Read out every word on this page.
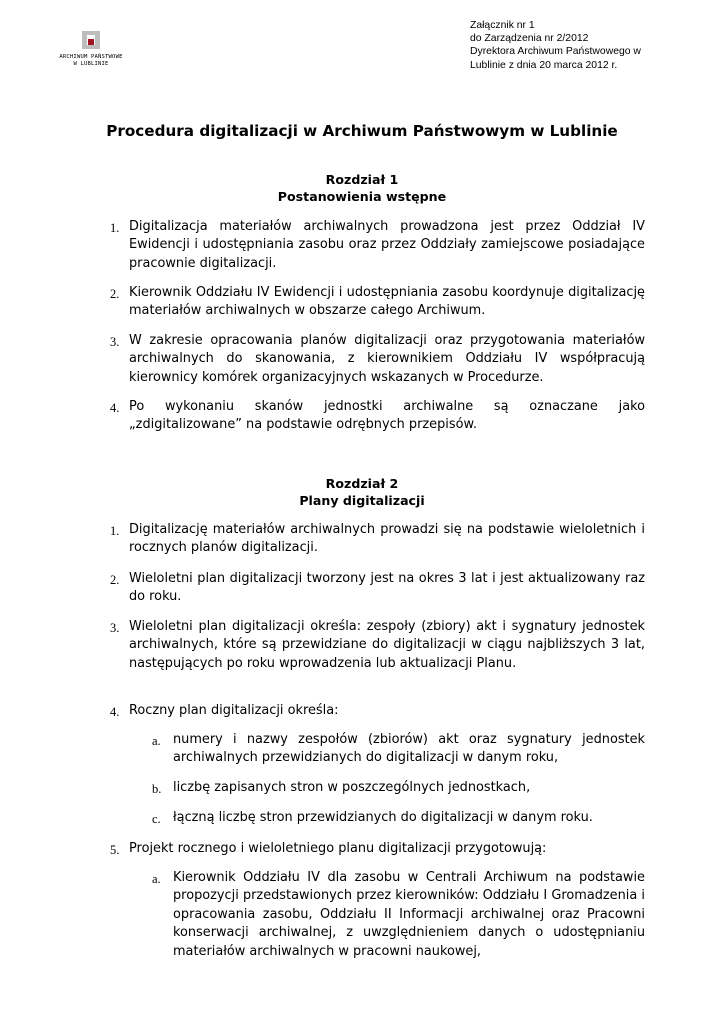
ARCHIWUM PAŃSTWOWE
W LUBLINIE
Załącznik nr 1
do Zarządzenia nr 2/2012
Dyrektora Archiwum Państwowego w
Lublinie z dnia 20 marca 2012 r.
Procedura digitalizacji w Archiwum Państwowym w Lublinie
Rozdział 1
Postanowienia wstępne
1. Digitalizacja materiałów archiwalnych prowadzona jest przez Oddział IV Ewidencji i udostępniania zasobu oraz przez Oddziały zamiejscowe posiadające pracownie digitalizacji.
2. Kierownik Oddziału IV Ewidencji i udostępniania zasobu koordynuje digitalizację materiałów archiwalnych w obszarze całego Archiwum.
3. W zakresie opracowania planów digitalizacji oraz przygotowania materiałów archiwalnych do skanowania, z kierownikiem Oddziału IV współpracują kierownicy komórek organizacyjnych wskazanych w Procedurze.
4. Po wykonaniu skanów jednostki archiwalne są oznaczane jako „zdigitalizowane” na podstawie odrębnych przepisów.
Rozdział 2
Plany digitalizacji
1. Digitalizację materiałów archiwalnych prowadzi się na podstawie wieloletnich i rocznych planów digitalizacji.
2. Wieloletni plan digitalizacji tworzony jest na okres 3 lat i jest aktualizowany raz do roku.
3. Wieloletni plan digitalizacji określa: zespoły (zbiory) akt i sygnatury jednostek archiwalnych, które są przewidziane do digitalizacji w ciągu najbliższych 3 lat, następujących po roku wprowadzenia lub aktualizacji Planu.
4. Roczny plan digitalizacji określa:
a. numery i nazwy zespołów (zbiorów) akt oraz sygnatury jednostek archiwalnych przewidzianych do digitalizacji w danym roku,
b. liczbę zapisanych stron w poszczególnych jednostkach,
c. łączną liczbę stron przewidzianych do digitalizacji w danym roku.
5. Projekt rocznego i wieloletniego planu digitalizacji przygotowują:
a. Kierownik Oddziału IV dla zasobu w Centrali Archiwum na podstawie propozycji przedstawionych przez kierowników: Oddziału I Gromadzenia i opracowania zasobu, Oddziału II Informacji archiwalnej oraz Pracowni konserwacji archiwalnej, z uwzględnieniem danych o udostępnianiu materiałów archiwalnych w pracowni naukowej,
